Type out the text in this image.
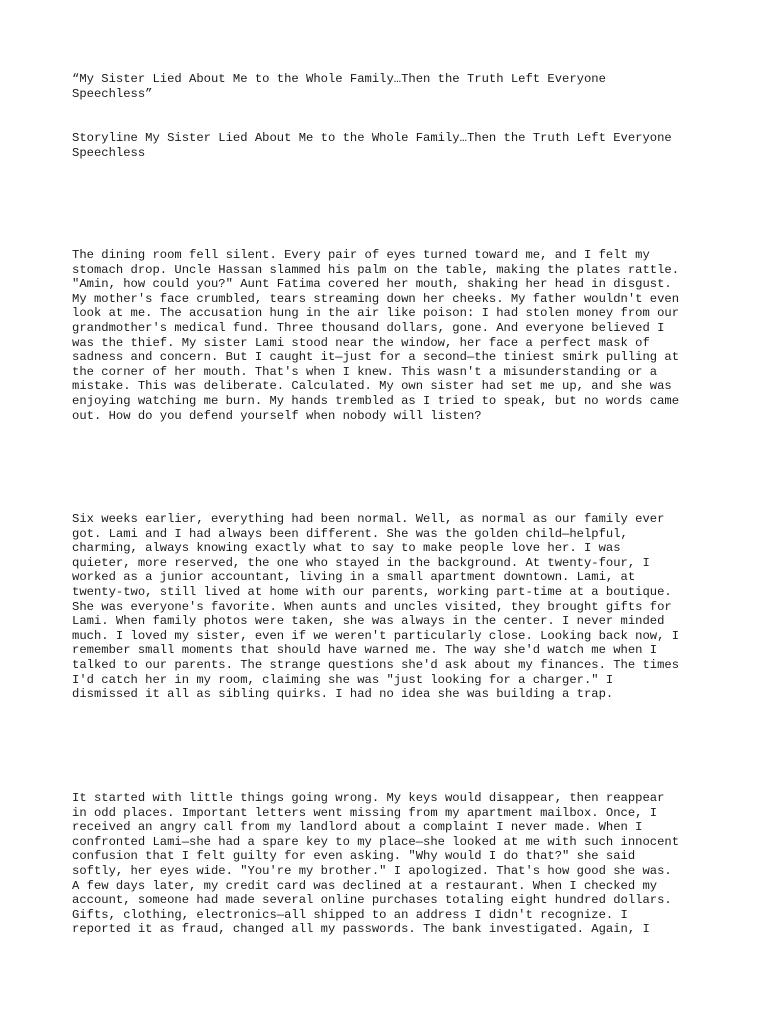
“My Sister Lied About Me to the Whole Family…Then the Truth Left Everyone
Speechless”

Storyline My Sister Lied About Me to the Whole Family…Then the Truth Left Everyone
Speechless

The dining room fell silent. Every pair of eyes turned toward me, and I felt my
stomach drop. Uncle Hassan slammed his palm on the table, making the plates rattle.
"Amin, how could you?" Aunt Fatima covered her mouth, shaking her head in disgust.
My mother's face crumbled, tears streaming down her cheeks. My father wouldn't even
look at me. The accusation hung in the air like poison: I had stolen money from our
grandmother's medical fund. Three thousand dollars, gone. And everyone believed I
was the thief. My sister Lami stood near the window, her face a perfect mask of
sadness and concern. But I caught it—just for a second—the tiniest smirk pulling at
the corner of her mouth. That's when I knew. This wasn't a misunderstanding or a
mistake. This was deliberate. Calculated. My own sister had set me up, and she was
enjoying watching me burn. My hands trembled as I tried to speak, but no words came
out. How do you defend yourself when nobody will listen?

Six weeks earlier, everything had been normal. Well, as normal as our family ever
got. Lami and I had always been different. She was the golden child—helpful,
charming, always knowing exactly what to say to make people love her. I was
quieter, more reserved, the one who stayed in the background. At twenty-four, I
worked as a junior accountant, living in a small apartment downtown. Lami, at
twenty-two, still lived at home with our parents, working part-time at a boutique.
She was everyone's favorite. When aunts and uncles visited, they brought gifts for
Lami. When family photos were taken, she was always in the center. I never minded
much. I loved my sister, even if we weren't particularly close. Looking back now, I
remember small moments that should have warned me. The way she'd watch me when I
talked to our parents. The strange questions she'd ask about my finances. The times
I'd catch her in my room, claiming she was "just looking for a charger." I
dismissed it all as sibling quirks. I had no idea she was building a trap.

It started with little things going wrong. My keys would disappear, then reappear
in odd places. Important letters went missing from my apartment mailbox. Once, I
received an angry call from my landlord about a complaint I never made. When I
confronted Lami—she had a spare key to my place—she looked at me with such innocent
confusion that I felt guilty for even asking. "Why would I do that?" she said
softly, her eyes wide. "You're my brother." I apologized. That's how good she was.
A few days later, my credit card was declined at a restaurant. When I checked my
account, someone had made several online purchases totaling eight hundred dollars.
Gifts, clothing, electronics—all shipped to an address I didn't recognize. I
reported it as fraud, changed all my passwords. The bank investigated. Again, I
